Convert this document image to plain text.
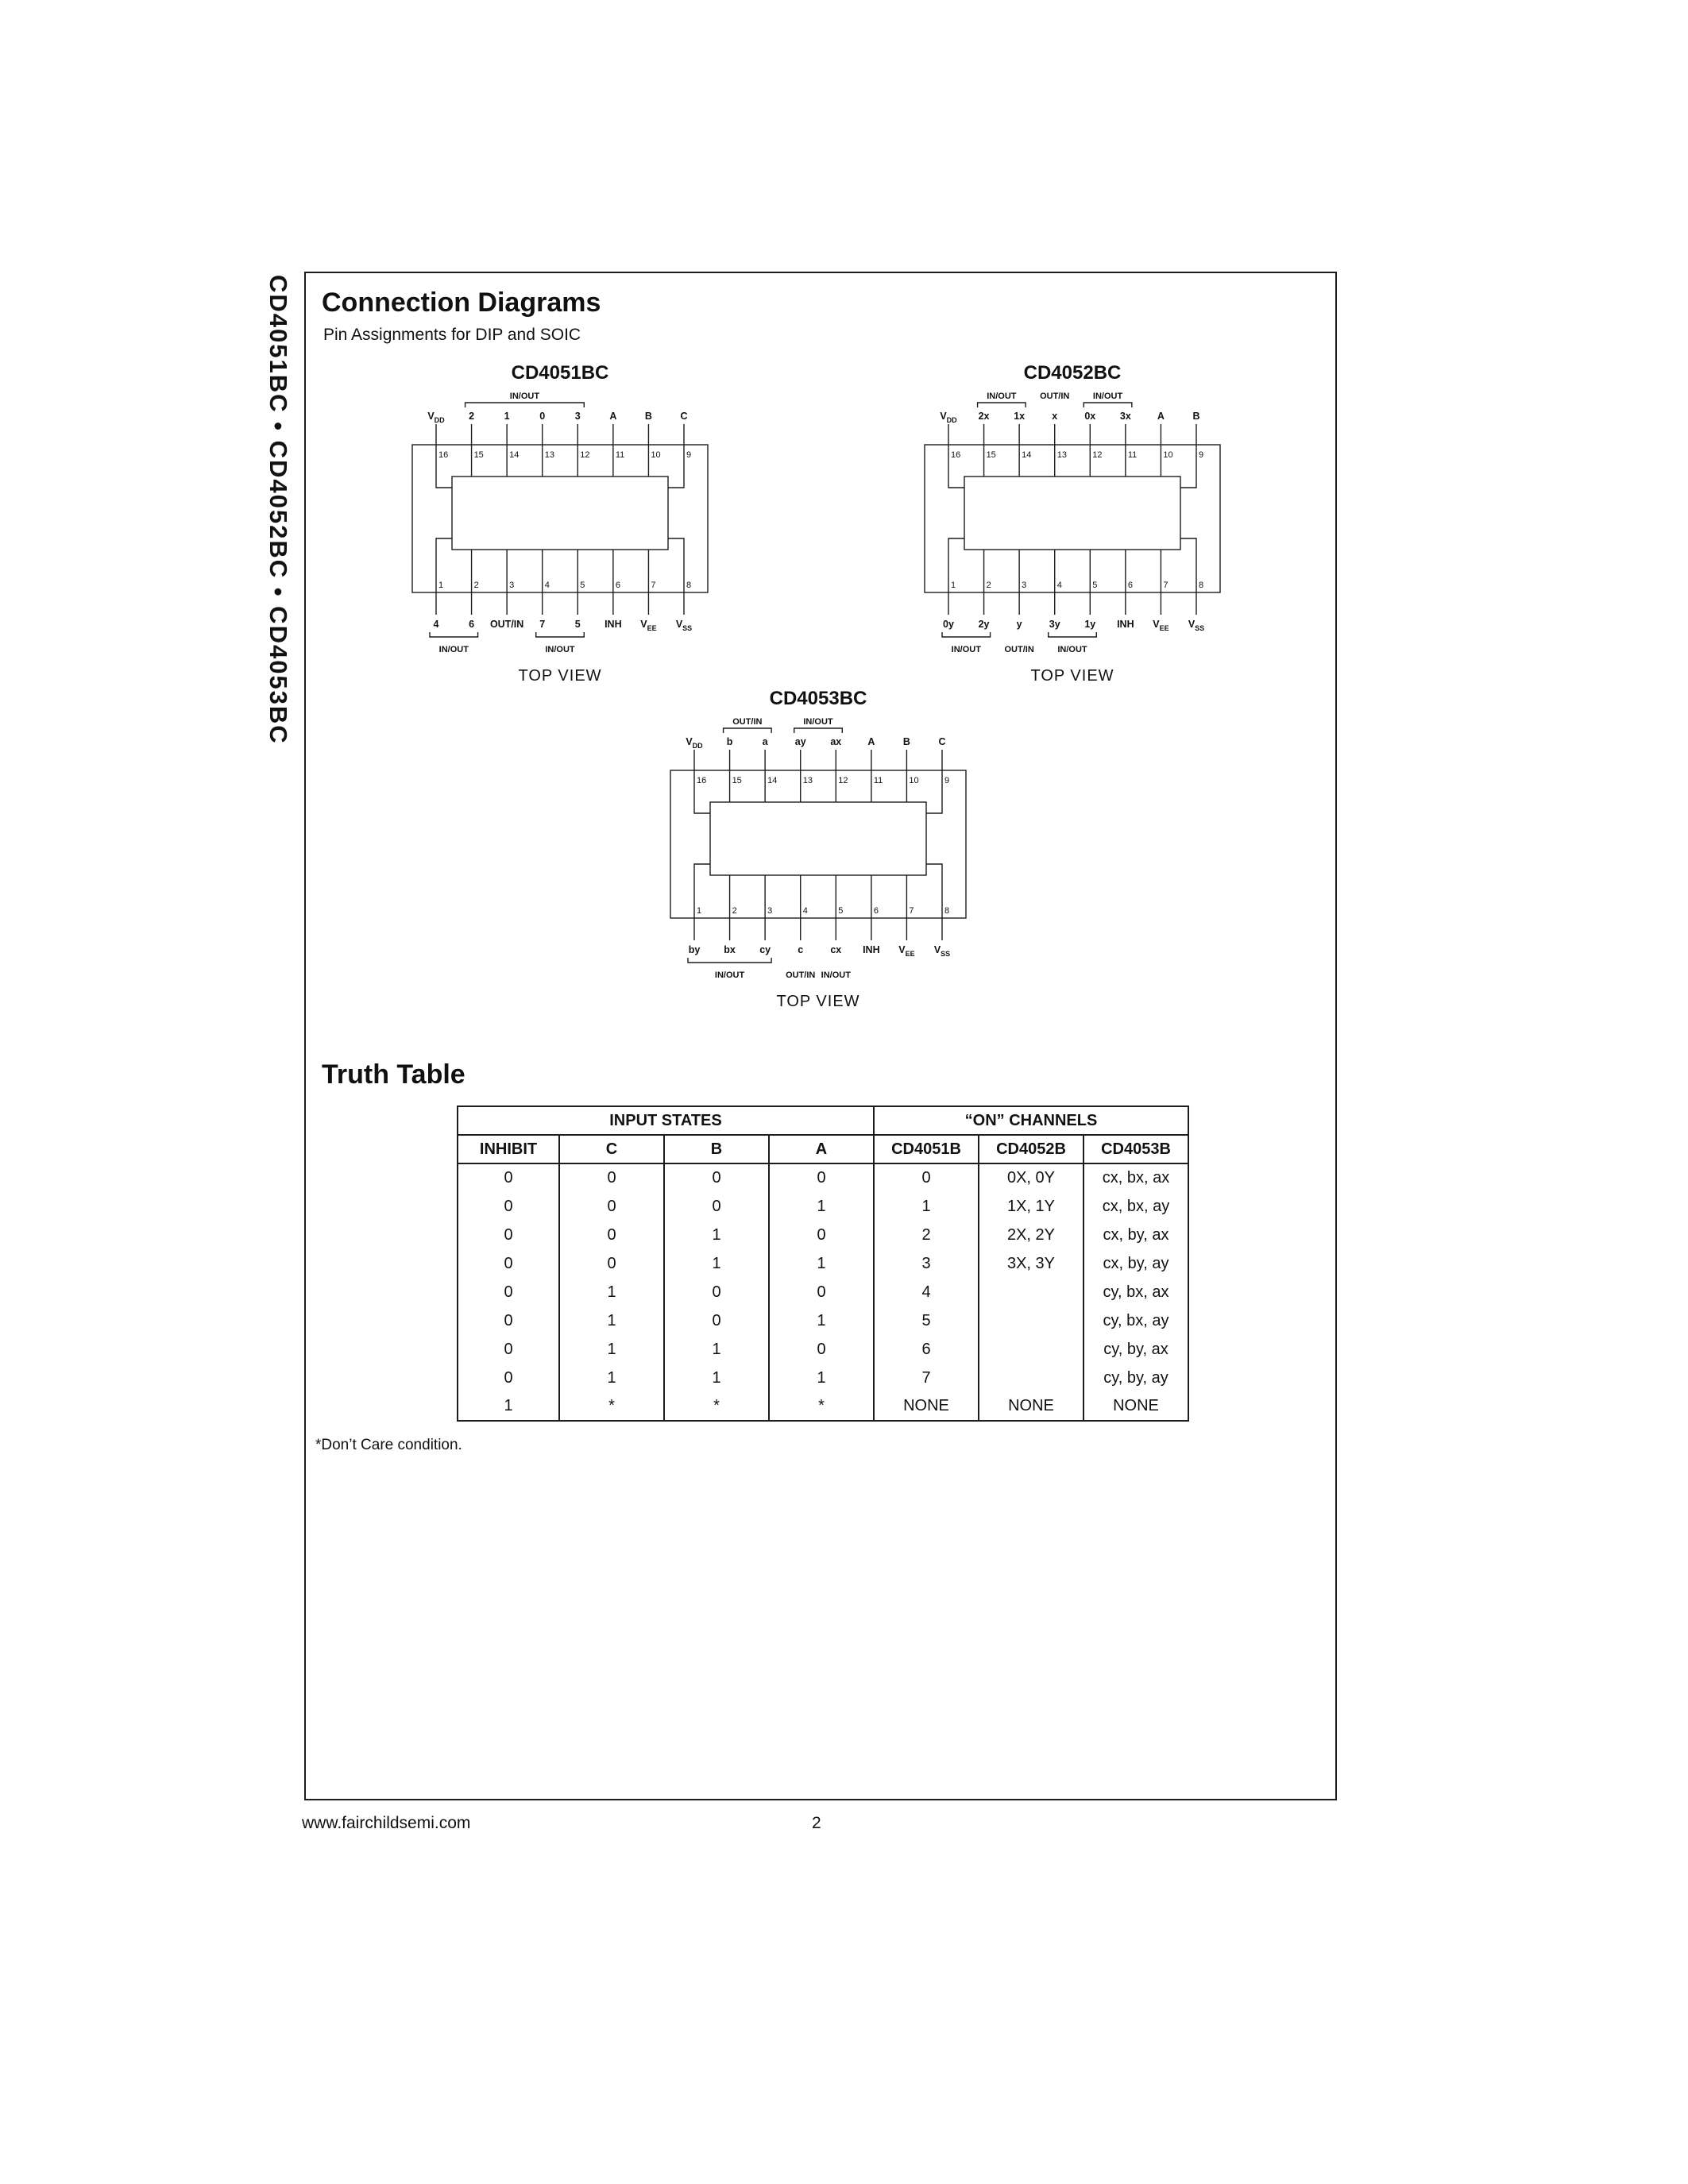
CD4051BC • CD4052BC • CD4053BC Connection Diagrams
Pin Assignments for DIP and SOIC
CD4051BC
16
1
$V_{DD}$
4
15
2
2
6
14
3
1
OUT/IN
13
4
0
7
12
5
3
5
11
6
A
INH
10
7
B
$V_{EE}$
9
8
C
$V_{SS}$
IN/OUT
IN/OUT	IN/OUT
TOP VIEW
CD4052BC
16
1
$V_{DD}$
0y
15
2
2x
2y
14
3
1x
y
13
4
x
3y
12
5
0x
1y
11
6
3x
INH
10
7
A
$V_{EE}$
9
8
B
$V_{SS}$
IN/OUT	OUT/IN	IN/OUT
IN/OUT	OUT/IN	IN/OUT
TOP VIEW
CD4053BC
16
1
$V_{DD}$
by
15
2
b
bx
14
3
a
cy
13
4
ay
c
12
5
ax
cx
11
6
A
INH
10
7
B
$V_{EE}$
9
8
C
$V_{SS}$
OUT/IN	IN/OUT
IN/OUT	OUT/IN IN/OUT
TOP VIEW
Truth Table
INPUT STATES				“ON” CHANNELS		
INHIBIT	C	B	A	CD4051B	CD4052B	CD4053B
0	0	0	0	0	0X, 0Y	cx, bx, ax
0	0	0	1	1	1X, 1Y	cx, bx, ay
0	0	1	0	2	2X, 2Y	cx, by, ax
0	0	1	1	3	3X, 3Y	cx, by, ay
0	1	0	0	4		cy, bx, ax
0	1	0	1	5		cy, bx, ay
0	1	1	0	6		cy, by, ax
0	1	1	1	7		cy, by, ay
1	*	*	*	NONE	NONE	NONE
*Don’t Care condition.
www.fairchildsemi.com	2
